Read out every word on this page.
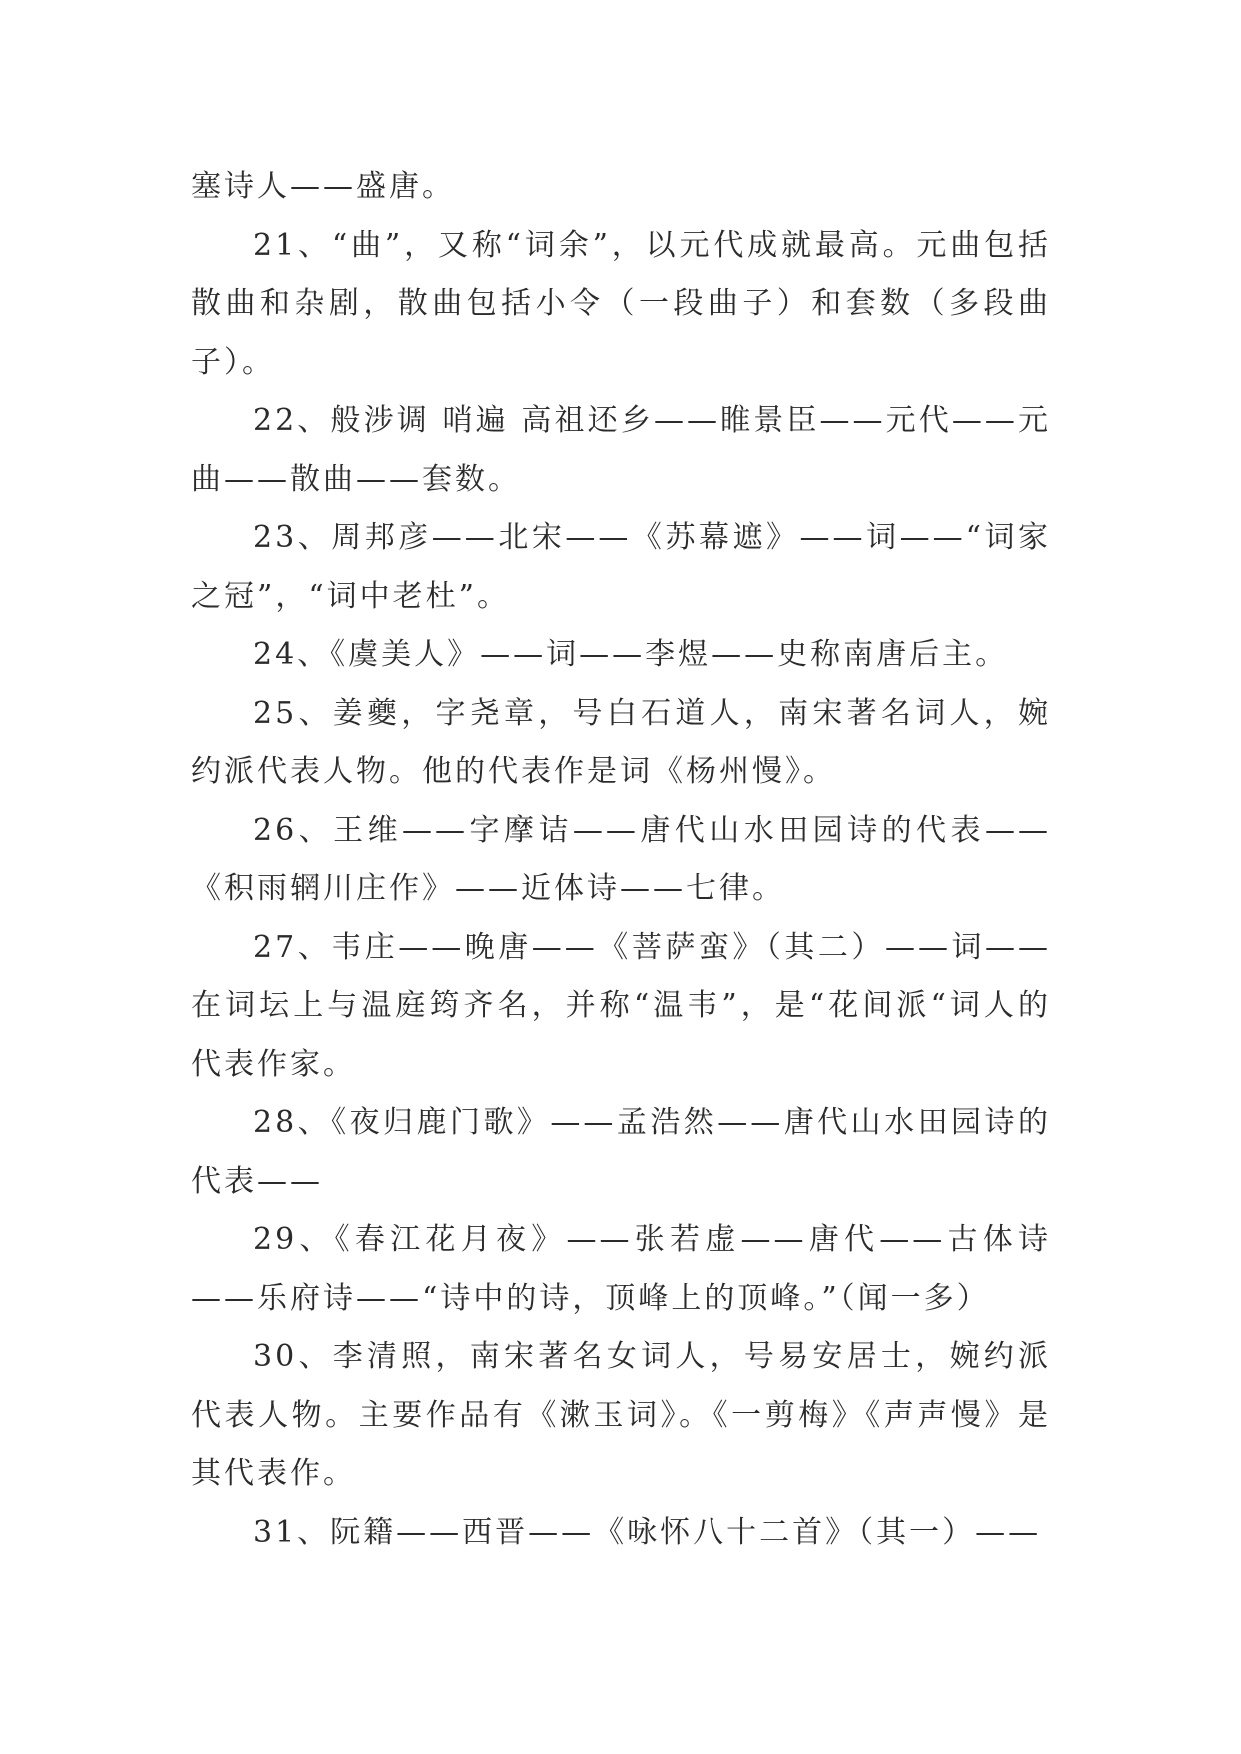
塞诗人——盛唐。

21、“曲”，又称“词余”，以元代成就最高。元曲包括散曲和杂剧，散曲包括小令（一段曲子）和套数（多段曲子）。

22、般涉调 哨遍 高祖还乡——睢景臣——元代——元曲——散曲——套数。

23、周邦彦——北宋——《苏幕遮》——词——“词家之冠”，“词中老杜”。

24、《虞美人》——词——李煜——史称南唐后主。

25、姜夔，字尧章，号白石道人，南宋著名词人，婉约派代表人物。他的代表作是词《杨州慢》。

26、王维——字摩诘——唐代山水田园诗的代表——《积雨辋川庄作》——近体诗——七律。

27、韦庄——晚唐——《菩萨蛮》（其二）——词——在词坛上与温庭筠齐名，并称“温韦”，是“花间派“词人的代表作家。

28、《夜归鹿门歌》——孟浩然——唐代山水田园诗的代表——

29、《春江花月夜》——张若虚——唐代——古体诗——乐府诗——“诗中的诗，顶峰上的顶峰。”（闻一多）

30、李清照，南宋著名女词人，号易安居士，婉约派代表人物。主要作品有《漱玉词》。《一剪梅》《声声慢》是其代表作。

31、阮籍——西晋——《咏怀八十二首》（其一）——
